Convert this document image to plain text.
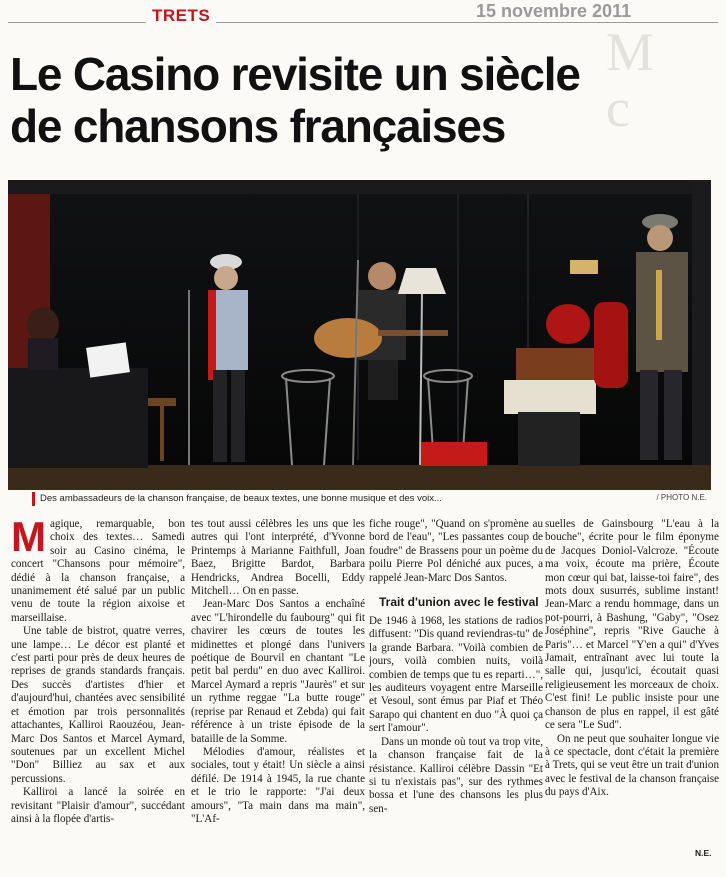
TRETS	15 novembre 2011
M
c
Le Casino revisite un siècle
de chansons françaises
Des ambassadeurs de la chanson française, de beaux textes, une bonne musique et des voix...	/ PHOTO N.E.

Magique, remarquable, bon choix des textes… Samedi soir au Casino cinéma, le concert "Chansons pour mémoire", dédié à la chanson française, a unanimement été salué par un public venu de toute la région aixoise et marseillaise.

Une table de bistrot, quatre verres, une lampe… Le décor est planté et c'est parti pour près de deux heures de reprises de grands standards français. Des succès d'artistes d'hier et d'aujourd'hui, chantées avec sensibilité et émotion par trois personnalités attachantes, Kalliroi Raouzéou, Jean-Marc Dos Santos et Marcel Aymard, soutenues par un excellent Michel "Don" Billiez au sax et aux percussions.

Kalliroi a lancé la soirée en revisitant "Plaisir d'amour", succédant ainsi à la flopée d'artis-

tes tout aussi célèbres les uns que les autres qui l'ont interprété, d'Yvonne Printemps à Marianne Faithfull, Joan Baez, Brigitte Bardot, Barbara Hendricks, Andrea Bocelli, Eddy Mitchell… On en passe.

Jean-Marc Dos Santos a enchaîné avec "L'hirondelle du faubourg" qui fit chavirer les cœurs de toutes les midinettes et plongé dans l'univers poétique de Bourvil en chantant "Le petit bal perdu" en duo avec Kalliroi. Marcel Aymard a repris "Jaurès" et sur un rythme reggae "La butte rouge" (reprise par Renaud et Zebda) qui fait référence à un triste épisode de la bataille de la Somme.

Mélodies d'amour, réalistes et sociales, tout y était! Un siècle a ainsi défilé. De 1914 à 1945, la rue chante et le trio le rapporte: "J'ai deux amours", "Ta main dans ma main", "L'Af-

fiche rouge", "Quand on s'promène au bord de l'eau", "Les passantes coup de foudre" de Brassens pour un poème du poilu Pierre Pol déniché aux puces, a rappelé Jean-Marc Dos Santos.

Trait d'union avec le festival

De 1946 à 1968, les stations de radios diffusent: "Dis quand reviendras-tu" de la grande Barbara. "Voilà combien de jours, voilà combien nuits, voilà combien de temps que tu es reparti…", les auditeurs voyagent entre Marseille et Vesoul, sont émus par Piaf et Théo Sarapo qui chantent en duo "À quoi ça sert l'amour".

Dans un monde où tout va trop vite, la chanson française fait de la résistance. Kalliroi célèbre Dassin "Et si tu n'existais pas", sur des rythmes bossa et l'une des chansons les plus sen-

suelles de Gainsbourg "L'eau à la bouche", écrite pour le film éponyme de Jacques Doniol-Valcroze. "Écoute ma voix, écoute ma prière, Écoute mon cœur qui bat, laisse-toi faire", des mots doux susurrés, sublime instant! Jean-Marc a rendu hommage, dans un pot-pourri, à Bashung, "Gaby", "Osez Joséphine", repris "Rive Gauche à Paris"… et Marcel "Y'en a qui" d'Yves Jamait, entraînant avec lui toute la salle qui, jusqu'ici, écoutait quasi religieusement les morceaux de choix. C'est fini! Le public insiste pour une chanson de plus en rappel, il est gâté ce sera "Le Sud".

On ne peut que souhaiter longue vie à ce spectacle, dont c'était la première à Trets, qui se veut être un trait d'union avec le festival de la chanson française du pays d'Aix.

N.E.
